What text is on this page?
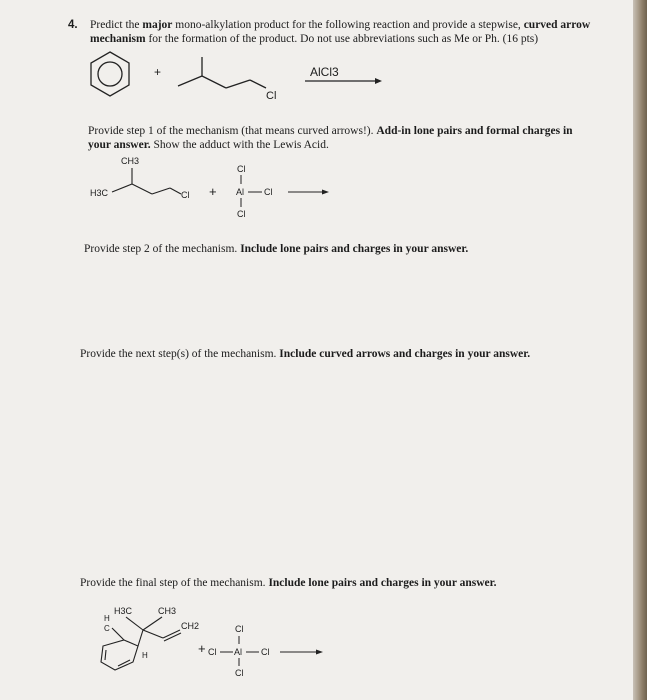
4. Predict the major mono-alkylation product for the following reaction and provide a stepwise, curved arrow mechanism for the formation of the product. Do not use abbreviations such as Me or Ph. (16 pts)
+
Cl
AlCl3
Provide step 1 of the mechanism (that means curved arrows!). Add-in lone pairs and formal charges in your answer. Show the adduct with the Lewis Acid.
CH3
H3C	Cl +
Cl
Al Cl
Cl
Provide step 2 of the mechanism. Include lone pairs and charges in your answer.
Provide the next step(s) of the mechanism. Include curved arrows and charges in your answer.
Provide the final step of the mechanism. Include lone pairs and charges in your answer.
H3C	CH3
H
C	CH2
H	+
Cl
Cl Al Cl
Cl
